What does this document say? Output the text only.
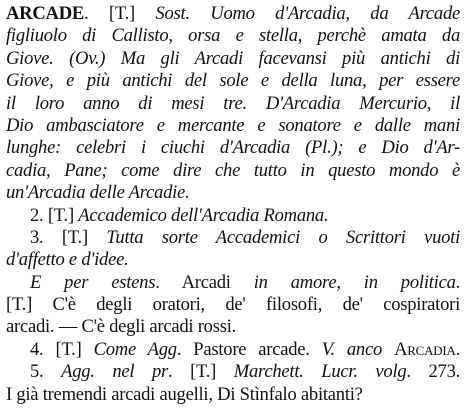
ARCADE. [T.] Sost. Uomo d'Arcadia, da Arcade
figliuolo di Callisto, orsa e stella, perchè amata da
Giove. (Ov.) Ma gli Arcadi facevansi più antichi di
Giove, e più antichi del sole e della luna, per essere
il loro anno di mesi tre. D'Arcadia Mercurio, il
Dio ambasciatore e mercante e sonatore e dalle mani
lunghe: celebri i ciuchi d'Arcadia (Pl.); e Dio d'Ar-
cadia, Pane; come dire che tutto in questo mondo è
un'Arcadia delle Arcadie.
2. [T.] Accademico dell'Arcadia Romana.
3. [T.] Tutta sorte Accademici o Scrittori vuoti
d'affetto e d'idee.
E per estens. Arcadi in amore, in politica.
[T.] C'è degli oratori, de' filosofi, de' cospiratori
arcadi. — C'è degli arcadi rossi.
4. [T.] Come Agg. Pastore arcade. V. anco Arcadia.
5. Agg. nel pr. [T.] Marchett. Lucr. volg. 273.
I già tremendi arcadi augelli, Di Stìnfalo abitanti?
